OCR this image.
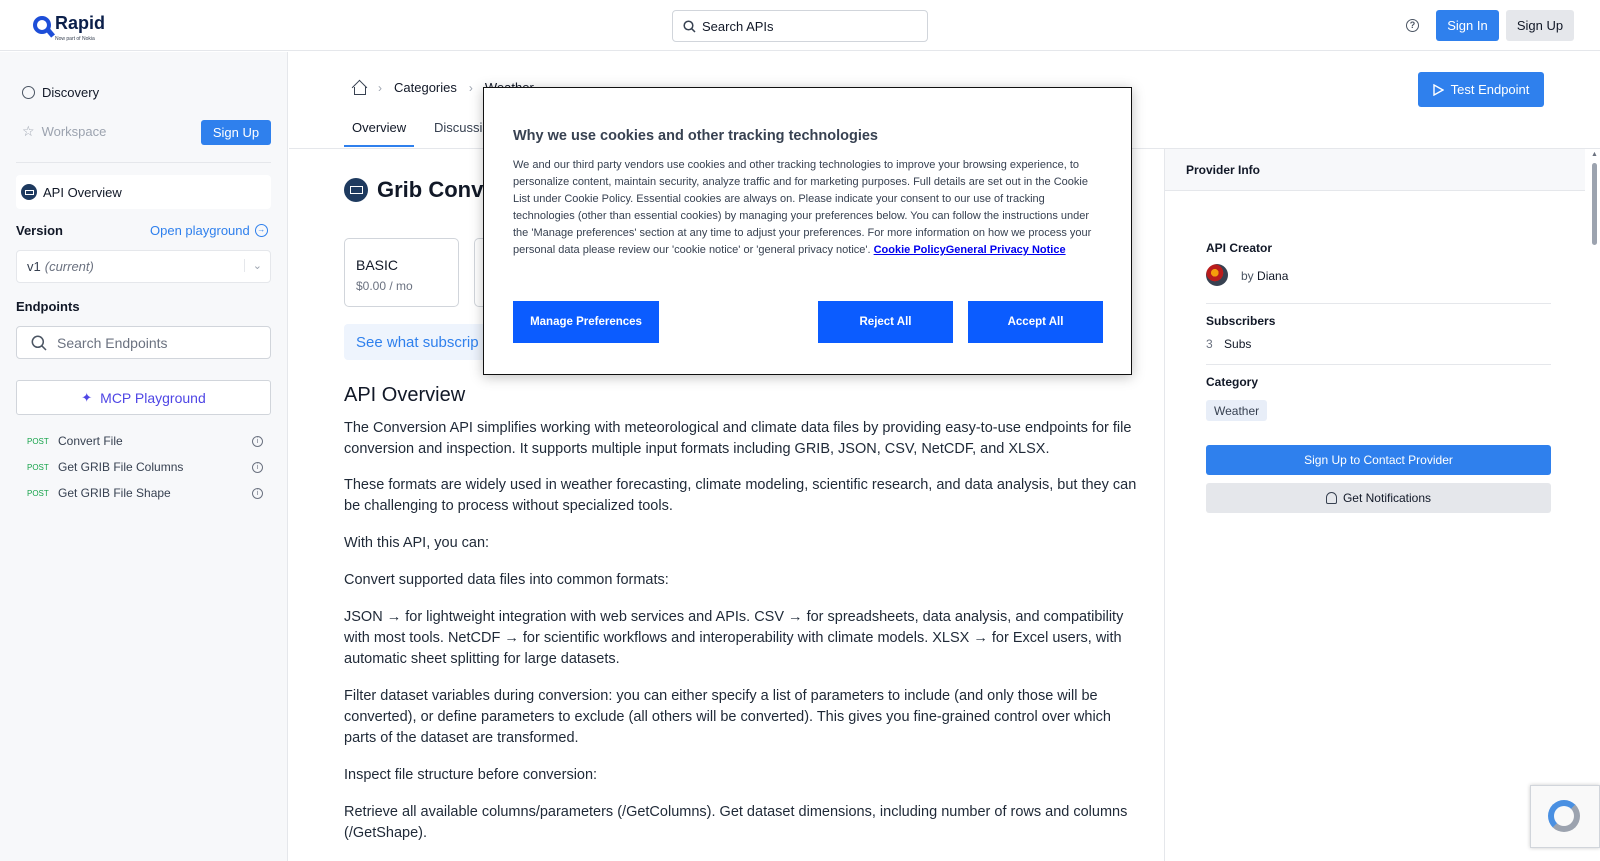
Rapid
Now part of Nokia
Search APIs	?	Sign In	Sign Up
Discovery
☆ Workspace	Sign Up
API Overview
Version	Open playground →
v1 (current)	⌄
Endpoints
Search Endpoints
✦ MCP Playground
POST Convert File	i
POST Get GRIB File Columns	i
POST Get GRIB File Shape	i
› Categories ›	Test Endpoint
Overview Discussi
Grib Conv
BASIC
$0.00 / mo
See what subscrip
API Overview

The Conversion API simplifies working with meteorological and climate data files by providing easy-to-use endpoints for file conversion and inspection. It supports multiple input formats including GRIB, JSON, CSV, NetCDF, and XLSX.

These formats are widely used in weather forecasting, climate modeling, scientific research, and data analysis, but they can be challenging to process without specialized tools.

With this API, you can:

Convert supported data files into common formats:

JSON → for lightweight integration with web services and APIs. CSV → for spreadsheets, data analysis, and compatibility with most tools. NetCDF → for scientific workflows and interoperability with climate models. XLSX → for Excel users, with automatic sheet splitting for large datasets.

Filter dataset variables during conversion: you can either specify a list of parameters to include (and only those will be converted), or define parameters to exclude (all others will be converted). This gives you fine-grained control over which parts of the dataset are transformed.

Inspect file structure before conversion:

Retrieve all available columns/parameters (/GetColumns). Get dataset dimensions, including number of rows and columns (/GetShape).

Provider Info
API Creator
by Diana
Subscribers
3 Subs
Category
Weather
Sign Up to Contact Provider
Get Notifications
▲
Why we use cookies and other tracking technologies
We and our third party vendors use cookies and other tracking technologies to improve your browsing experience, to personalize content, maintain security, analyze traffic and for marketing purposes. Full details are set out in the Cookie List under Cookie Policy. Essential cookies are always on. Please indicate your consent to our use of tracking technologies (other than essential cookies) by managing your preferences below. You can follow the instructions under the 'Manage preferences' section at any time to adjust your preferences. For more information on how we process your personal data please review our 'cookie notice' or 'general privacy notice'. Cookie PolicyGeneral Privacy Notice
Manage Preferences	Reject All	Accept All
